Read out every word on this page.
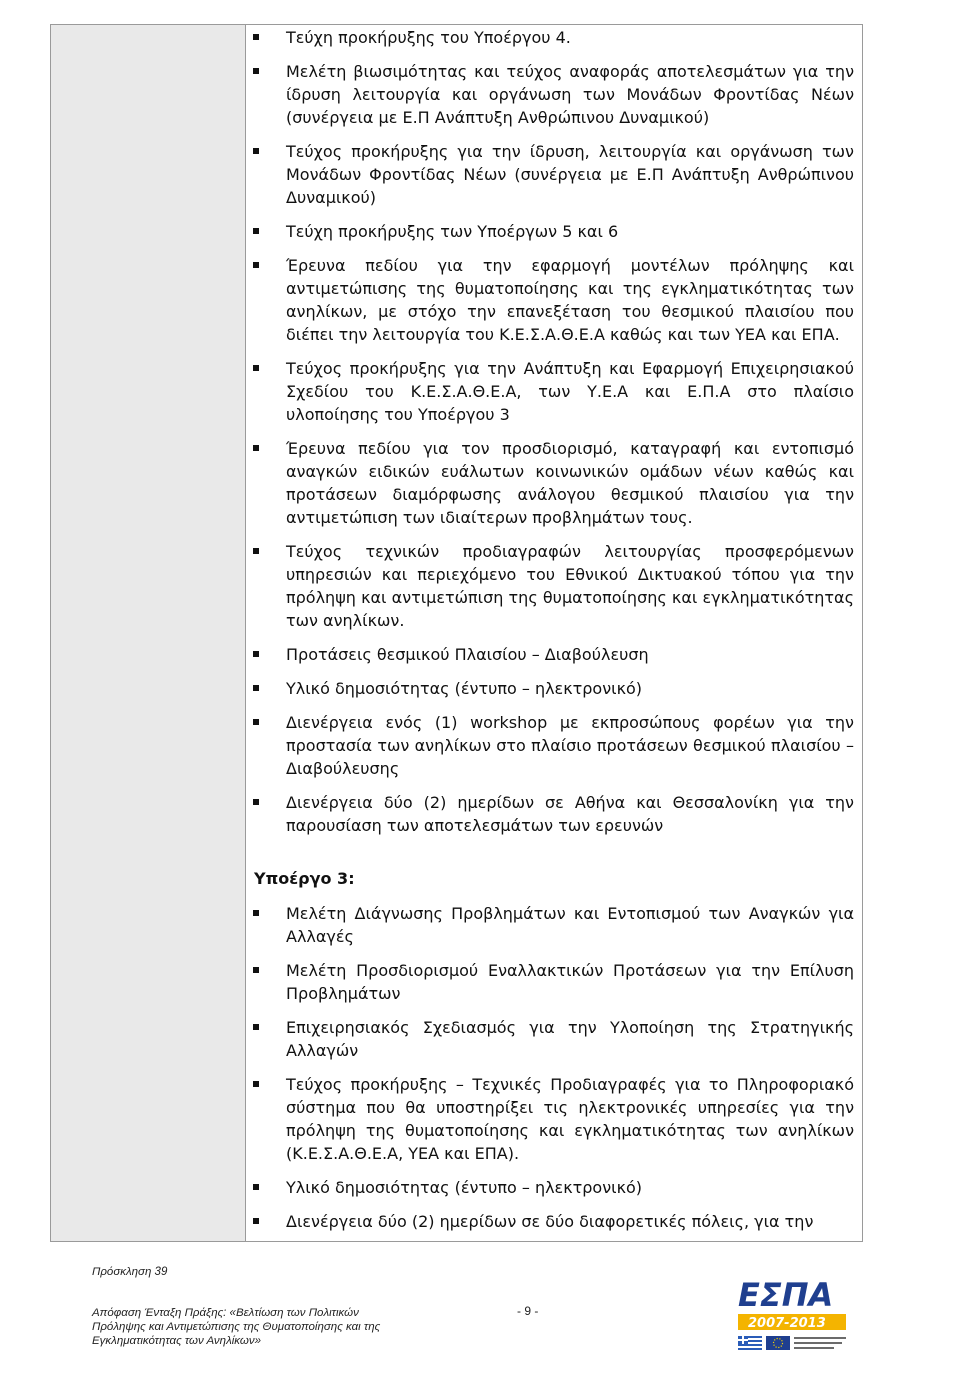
Τεύχη προκήρυξης του Υποέργου 4.
Μελέτη βιωσιμότητας και τεύχος αναφοράς αποτελεσμάτων για την ίδρυση λειτουργία και οργάνωση των Μονάδων Φροντίδας Νέων (συνέργεια με Ε.Π Ανάπτυξη Ανθρώπινου Δυναμικού)
Τεύχος προκήρυξης για την ίδρυση, λειτουργία και οργάνωση των Μονάδων Φροντίδας Νέων (συνέργεια με Ε.Π Ανάπτυξη Ανθρώπινου Δυναμικού)
Τεύχη προκήρυξης των Υποέργων 5 και 6
Έρευνα πεδίου για την εφαρμογή μοντέλων πρόληψης και αντιμετώπισης της θυματοποίησης και της εγκληματικότητας των ανηλίκων, με στόχο την επανεξέταση του θεσμικού πλαισίου που διέπει την λειτουργία του Κ.Ε.Σ.Α.Θ.Ε.Α καθώς και των ΥΕΑ και ΕΠΑ.
Τεύχος προκήρυξης για την Ανάπτυξη και Εφαρμογή Επιχειρησιακού Σχεδίου του Κ.Ε.Σ.Α.Θ.Ε.Α, των Υ.Ε.Α και Ε.Π.Α στο πλαίσιο υλοποίησης του Υποέργου 3
Έρευνα πεδίου για τον προσδιορισμό, καταγραφή και εντοπισμό αναγκών ειδικών ευάλωτων κοινωνικών ομάδων νέων καθώς και προτάσεων διαμόρφωσης ανάλογου θεσμικού πλαισίου για την αντιμετώπιση των ιδιαίτερων προβλημάτων τους.
Τεύχος τεχνικών προδιαγραφών λειτουργίας προσφερόμενων υπηρεσιών και περιεχόμενο του Εθνικού Δικτυακού τόπου για την πρόληψη και αντιμετώπιση της θυματοποίησης και εγκληματικότητας των ανηλίκων.
Προτάσεις θεσμικού Πλαισίου – Διαβούλευση
Υλικό δημοσιότητας (έντυπο – ηλεκτρονικό)
Διενέργεια ενός (1) workshop με εκπροσώπους φορέων για την προστασία των ανηλίκων στο πλαίσιο προτάσεων θεσμικού πλαισίου – Διαβούλευσης
Διενέργεια δύο (2) ημερίδων σε Αθήνα και Θεσσαλονίκη για την παρουσίαση των αποτελεσμάτων των ερευνών
Υποέργο 3:
Μελέτη Διάγνωσης Προβλημάτων και Εντοπισμού των Αναγκών για Αλλαγές
Μελέτη Προσδιορισμού Εναλλακτικών Προτάσεων για την Επίλυση Προβλημάτων
Επιχειρησιακός Σχεδιασμός για την Υλοποίηση της Στρατηγικής Αλλαγών
Τεύχος προκήρυξης – Τεχνικές Προδιαγραφές για το Πληροφοριακό σύστημα που θα υποστηρίξει τις ηλεκτρονικές υπηρεσίες για την πρόληψη της θυματοποίησης και εγκληματικότητας των ανηλίκων (Κ.Ε.Σ.Α.Θ.Ε.Α, ΥΕΑ και ΕΠΑ).
Υλικό δημοσιότητας (έντυπο – ηλεκτρονικό)
Διενέργεια δύο (2) ημερίδων σε δύο διαφορετικές πόλεις, για την
Πρόσκληση 39
Απόφαση Ένταξη Πράξης: «Βελτίωση των Πολιτικών
Πρόληψης και Αντιμετώπισης της Θυματοποίησης και της
Εγκληματικότητας των Ανηλίκων»
- 9 -	ΕΣΠΑ
2007-2013
